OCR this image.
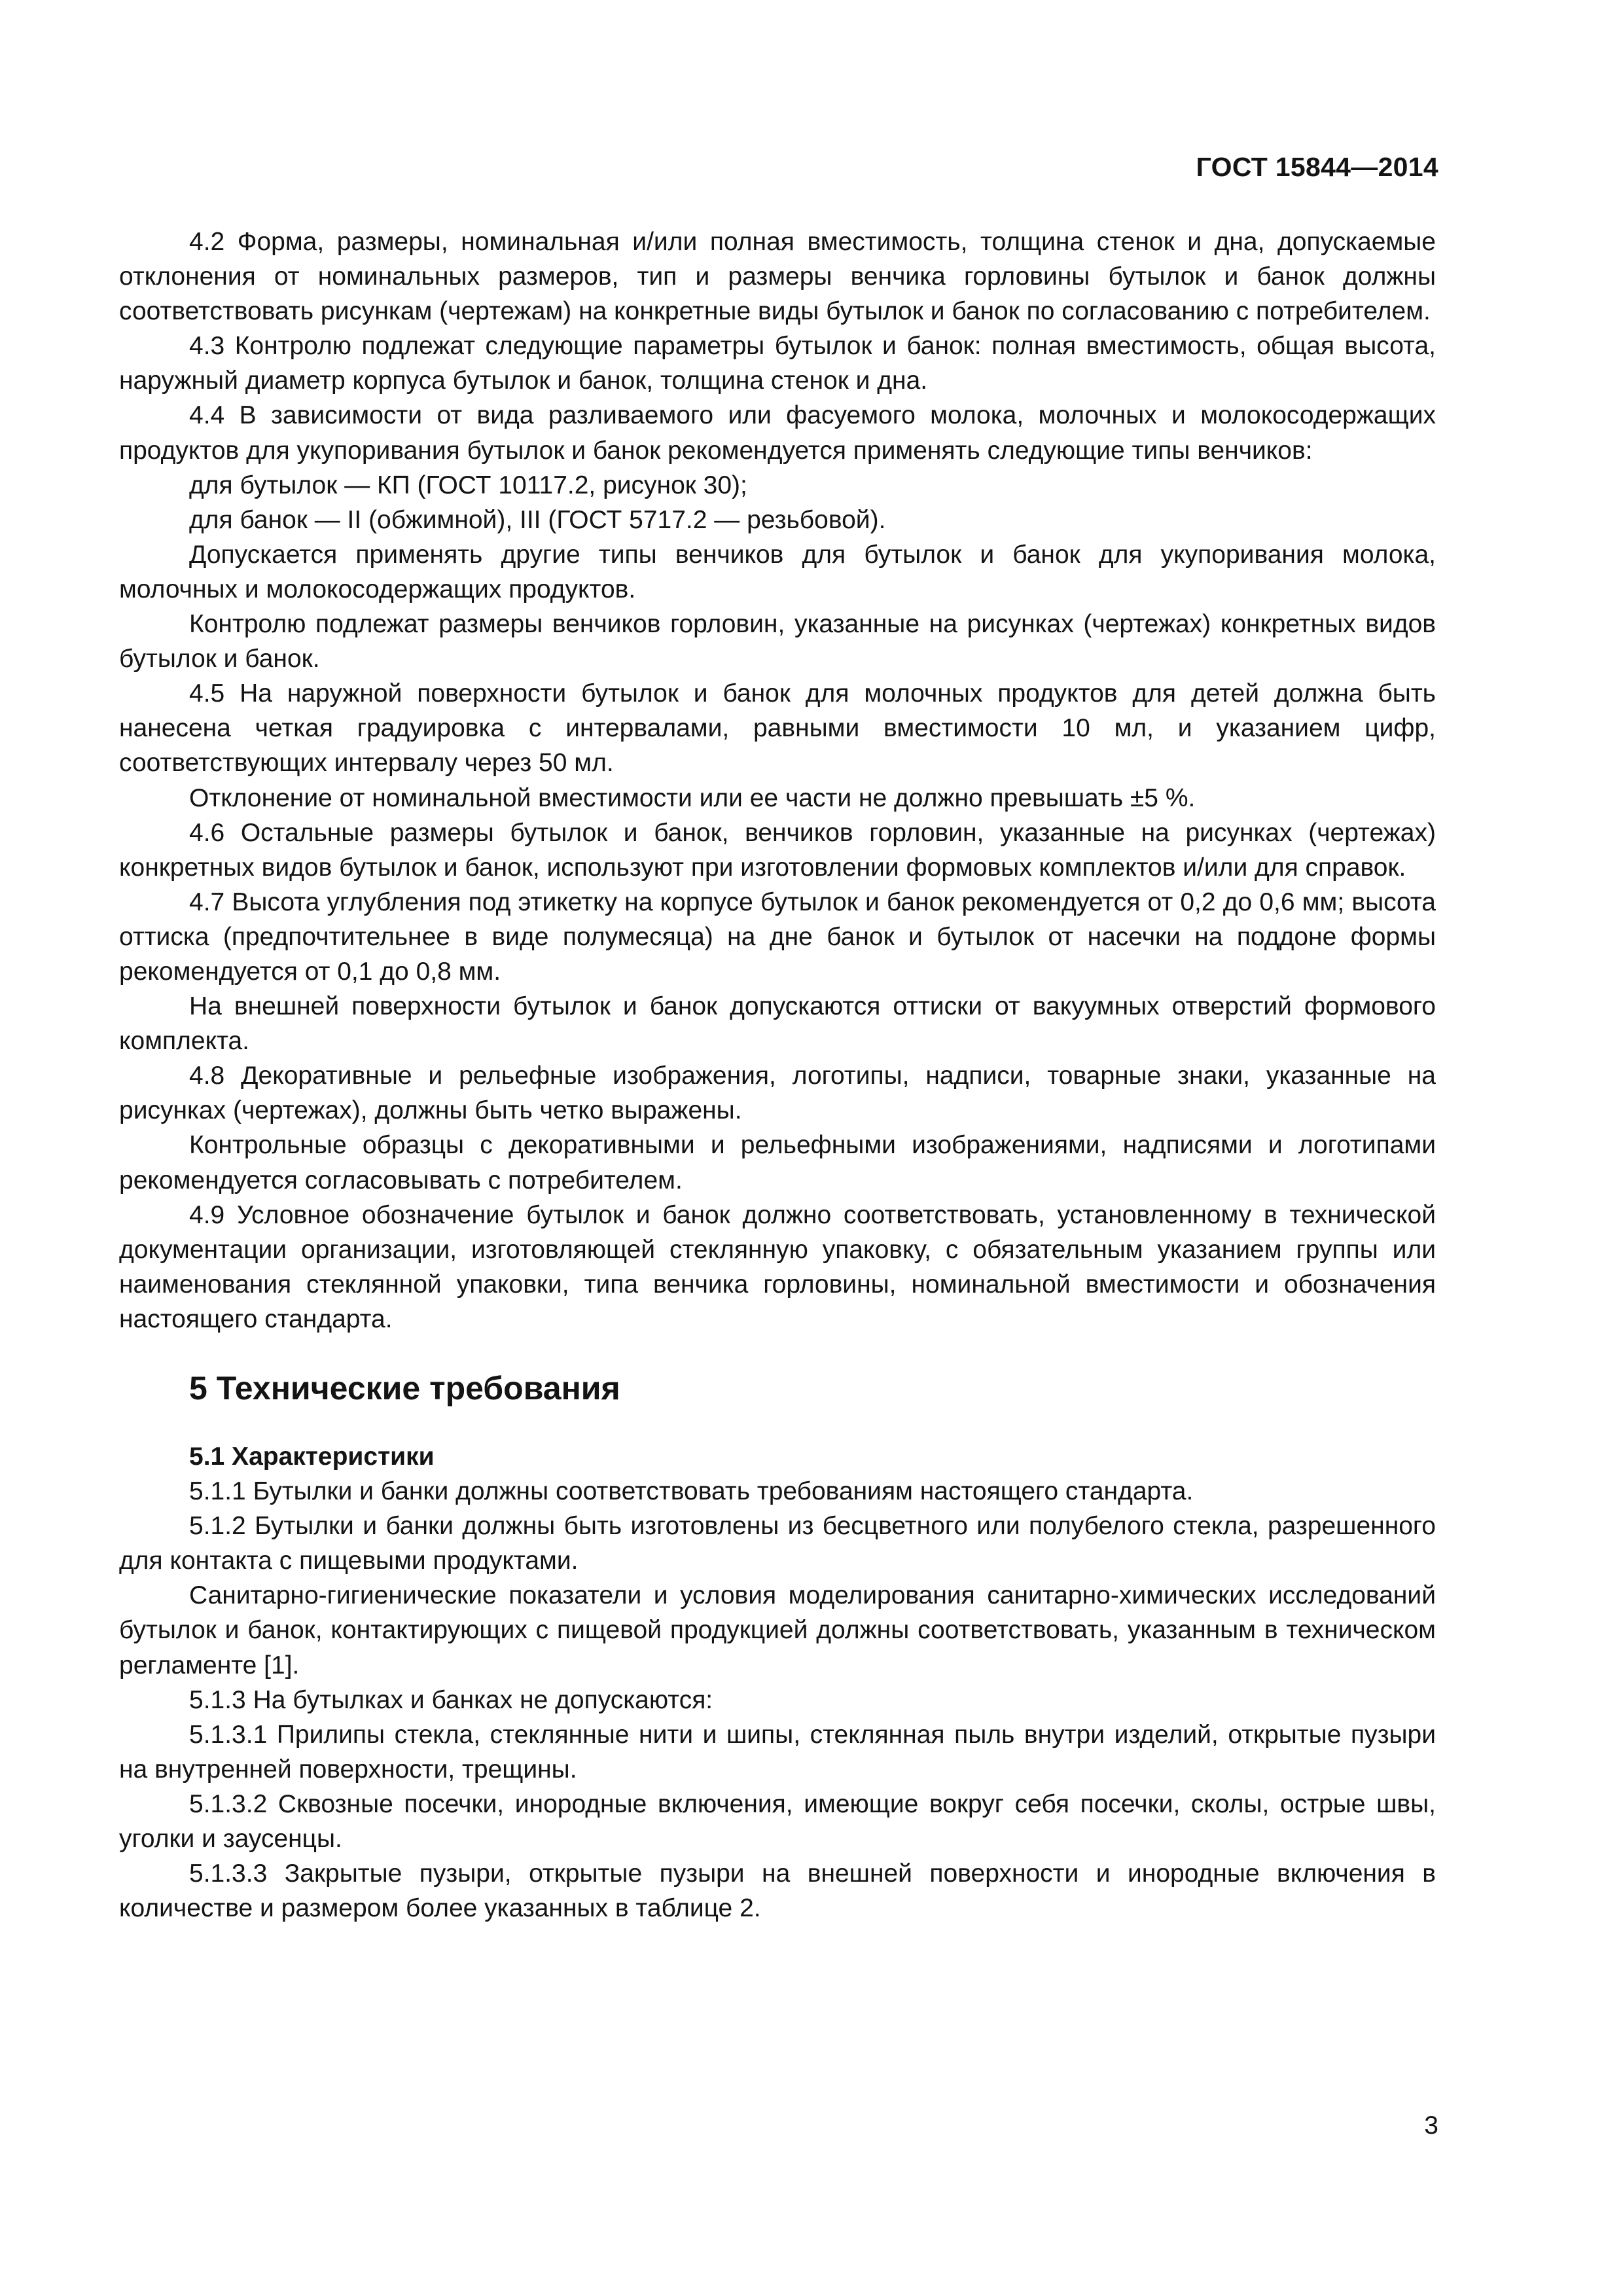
ГОСТ 15844—2014

4.2 Форма, размеры, номинальная и/или полная вместимость, толщина стенок и дна, допускаемые отклонения от номинальных размеров, тип и размеры венчика горловины бутылок и банок должны соответствовать рисункам (чертежам) на конкретные виды бутылок и банок по согласованию с потребителем.

4.3 Контролю подлежат следующие параметры бутылок и банок: полная вместимость, общая высота, наружный диаметр корпуса бутылок и банок, толщина стенок и дна.

4.4 В зависимости от вида разливаемого или фасуемого молока, молочных и молокосодержащих продуктов для укупоривания бутылок и банок рекомендуется применять следующие типы венчиков:

для бутылок — КП (ГОСТ 10117.2, рисунок 30);

для банок — II (обжимной), III (ГОСТ 5717.2 — резьбовой).

Допускается применять другие типы венчиков для бутылок и банок для укупоривания молока, молочных и молокосодержащих продуктов.

Контролю подлежат размеры венчиков горловин, указанные на рисунках (чертежах) конкретных видов бутылок и банок.

4.5 На наружной поверхности бутылок и банок для молочных продуктов для детей должна быть нанесена четкая градуировка с интервалами, равными вместимости 10 мл, и указанием цифр, соответствующих интервалу через 50 мл.

Отклонение от номинальной вместимости или ее части не должно превышать ±5 %.

4.6 Остальные размеры бутылок и банок, венчиков горловин, указанные на рисунках (чертежах) конкретных видов бутылок и банок, используют при изготовлении формовых комплектов и/или для справок.

4.7 Высота углубления под этикетку на корпусе бутылок и банок рекомендуется от 0,2 до 0,6 мм; высота оттиска (предпочтительнее в виде полумесяца) на дне банок и бутылок от насечки на поддоне формы рекомендуется от 0,1 до 0,8 мм.

На внешней поверхности бутылок и банок допускаются оттиски от вакуумных отверстий формового комплекта.

4.8 Декоративные и рельефные изображения, логотипы, надписи, товарные знаки, указанные на рисунках (чертежах), должны быть четко выражены.

Контрольные образцы с декоративными и рельефными изображениями, надписями и логотипами рекомендуется согласовывать с потребителем.

4.9 Условное обозначение бутылок и банок должно соответствовать, установленному в технической документации организации, изготовляющей стеклянную упаковку, с обязательным указанием группы или наименования стеклянной упаковки, типа венчика горловины, номинальной вместимости и обозначения настоящего стандарта.

5 Технические требования
5.1 Характеристики

5.1.1 Бутылки и банки должны соответствовать требованиям настоящего стандарта.

5.1.2 Бутылки и банки должны быть изготовлены из бесцветного или полубелого стекла, разрешенного для контакта с пищевыми продуктами.

Санитарно-гигиенические показатели и условия моделирования санитарно-химических исследований бутылок и банок, контактирующих с пищевой продукцией должны соответствовать, указанным в техническом регламенте [1].

5.1.3 На бутылках и банках не допускаются:

5.1.3.1 Прилипы стекла, стеклянные нити и шипы, стеклянная пыль внутри изделий, открытые пузыри на внутренней поверхности, трещины.

5.1.3.2 Сквозные посечки, инородные включения, имеющие вокруг себя посечки, сколы, острые швы, уголки и заусенцы.

5.1.3.3 Закрытые пузыри, открытые пузыри на внешней поверхности и инородные включения в количестве и размером более указанных в таблице 2.

3
